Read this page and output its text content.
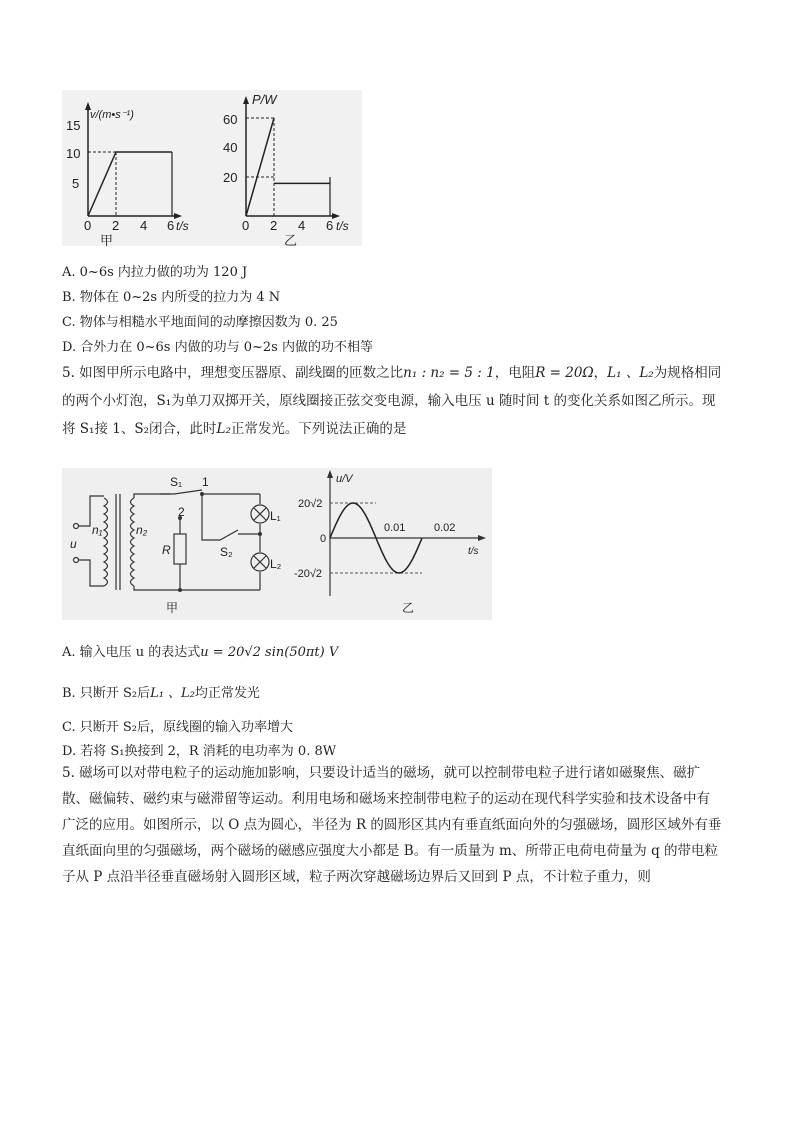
v/(m•s⁻¹)
t/s
15
10
5
0 2 4 6
甲
P/W
t/s
60
40
20
0 2 4 6
乙
A. 0~6s 内拉力做的功为 120 J
B. 物体在 0~2s 内所受的拉力为 4 N
C. 物体与相糙水平地面间的动摩擦因数为 0. 25
D. 合外力在 0~6s 内做的功与 0~2s 内做的功不相等
5. 如图甲所示电路中，理想变压器原、副线圈的匝数之比n₁ : n₂ = 5 : 1，电阻R = 20Ω，L₁ 、L₂为规格相同
的两个小灯泡，S₁为单刀双掷开关，原线圈接正弦交变电源，输入电压 u 随时间 t 的变化关系如图乙所示。现
将 S₁接 1、S₂闭合，此时L₂正常发光。下列说法正确的是
u
n₁	n₂
S₁ 1
2
R	S₂
L₁
L₂
甲
u/V
t/s
20√2
0
-20√2
0.01	0.02
乙
A. 输入电压 u 的表达式u = 20√2 sin(50πt) V
B. 只断开 S₂后L₁ 、L₂均正常发光
C. 只断开 S₂后，原线圈的输入功率增大
D. 若将 S₁换接到 2，R 消耗的电功率为 0. 8W
5. 磁场可以对带电粒子的运动施加影响，只要设计适当的磁场，就可以控制带电粒子进行诸如磁聚焦、磁扩
散、磁偏转、磁约束与磁滞留等运动。利用电场和磁场来控制带电粒子的运动在现代科学实验和技术设备中有
广泛的应用。如图所示，以 O 点为圆心，半径为 R 的圆形区其内有垂直纸面向外的匀强磁场，圆形区域外有垂
直纸面向里的匀强磁场，两个磁场的磁感应强度大小都是 B。有一质量为 m、所带正电荷电荷量为 q 的带电粒
子从 P 点沿半径垂直磁场射入圆形区域，粒子两次穿越磁场边界后又回到 P 点，不计粒子重力，则
